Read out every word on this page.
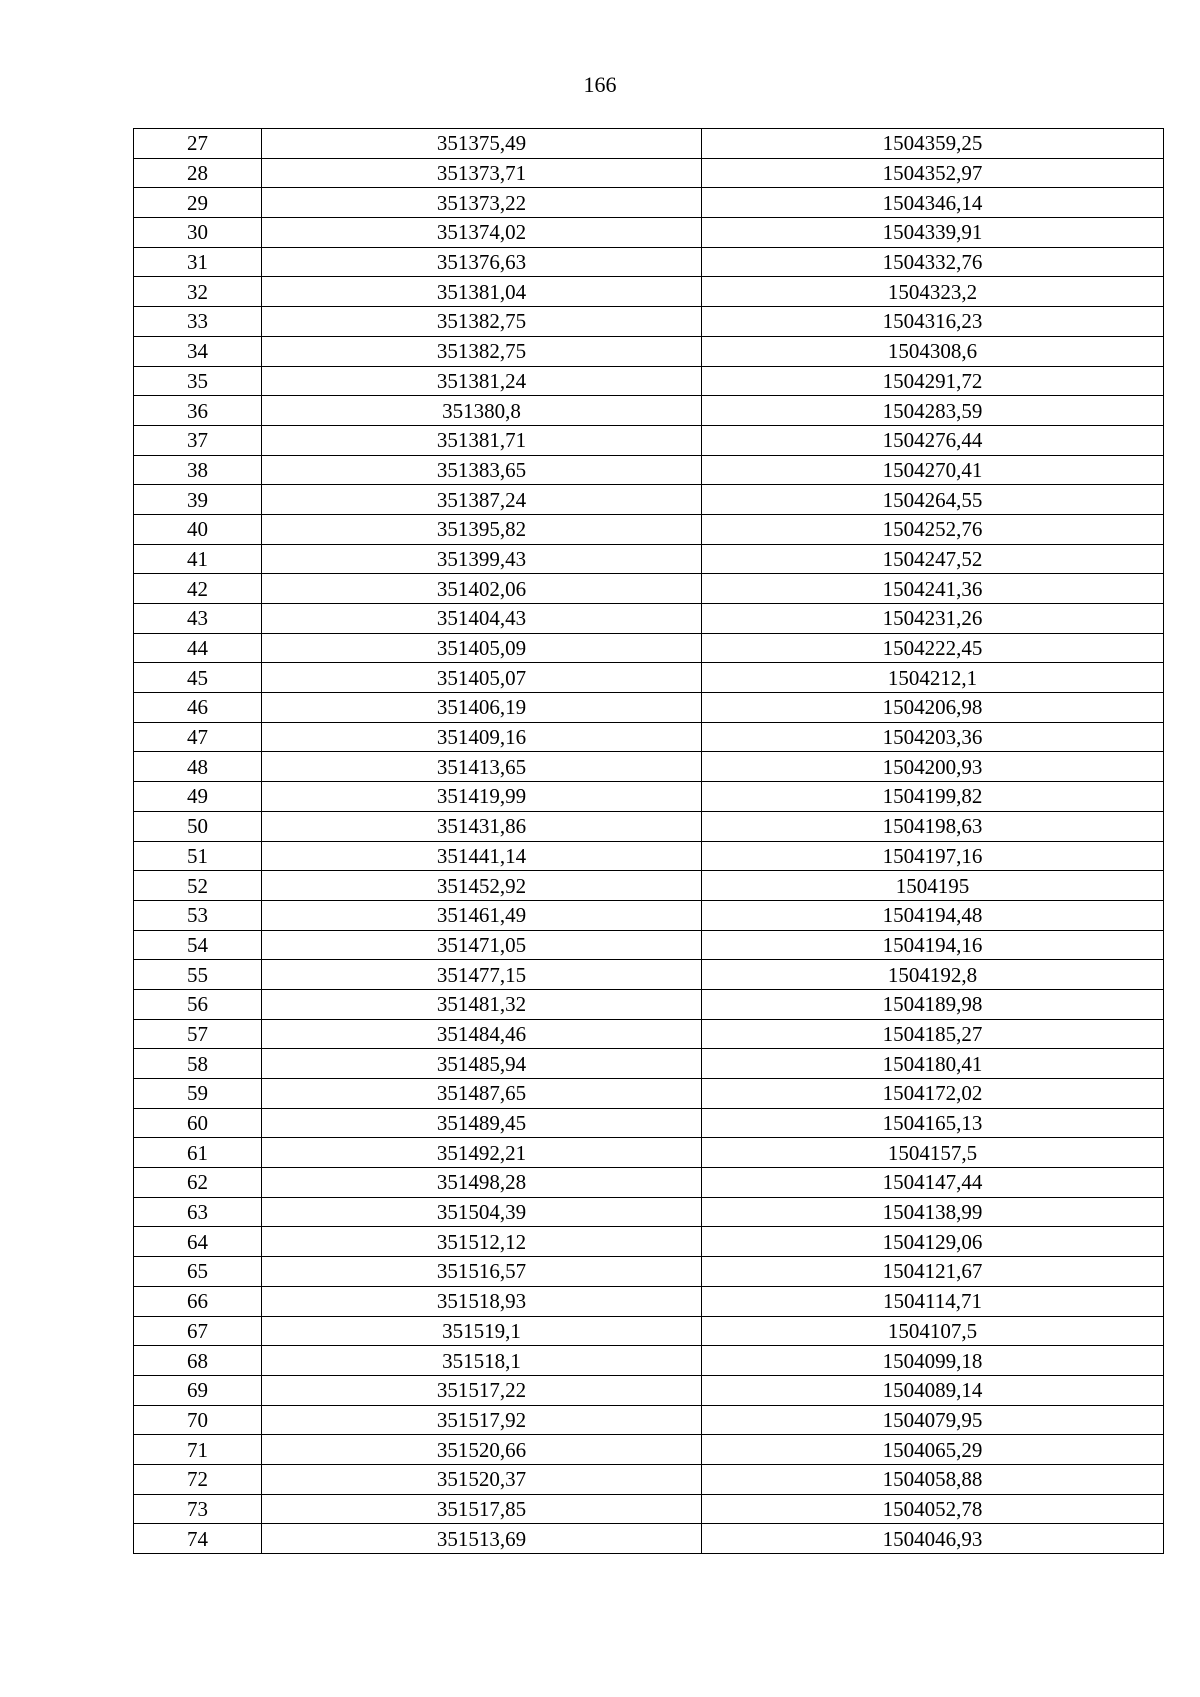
166
27	351375,49	1504359,25
28	351373,71	1504352,97
29	351373,22	1504346,14
30	351374,02	1504339,91
31	351376,63	1504332,76
32	351381,04	1504323,2
33	351382,75	1504316,23
34	351382,75	1504308,6
35	351381,24	1504291,72
36	351380,8	1504283,59
37	351381,71	1504276,44
38	351383,65	1504270,41
39	351387,24	1504264,55
40	351395,82	1504252,76
41	351399,43	1504247,52
42	351402,06	1504241,36
43	351404,43	1504231,26
44	351405,09	1504222,45
45	351405,07	1504212,1
46	351406,19	1504206,98
47	351409,16	1504203,36
48	351413,65	1504200,93
49	351419,99	1504199,82
50	351431,86	1504198,63
51	351441,14	1504197,16
52	351452,92	1504195
53	351461,49	1504194,48
54	351471,05	1504194,16
55	351477,15	1504192,8
56	351481,32	1504189,98
57	351484,46	1504185,27
58	351485,94	1504180,41
59	351487,65	1504172,02
60	351489,45	1504165,13
61	351492,21	1504157,5
62	351498,28	1504147,44
63	351504,39	1504138,99
64	351512,12	1504129,06
65	351516,57	1504121,67
66	351518,93	1504114,71
67	351519,1	1504107,5
68	351518,1	1504099,18
69	351517,22	1504089,14
70	351517,92	1504079,95
71	351520,66	1504065,29
72	351520,37	1504058,88
73	351517,85	1504052,78
74	351513,69	1504046,93
